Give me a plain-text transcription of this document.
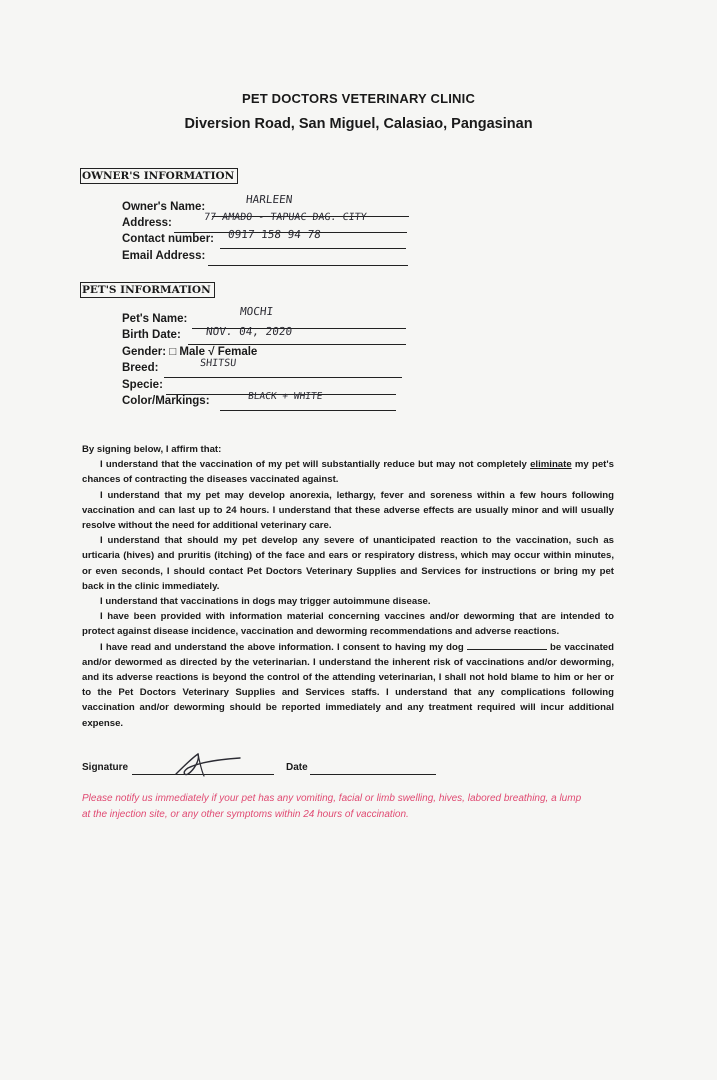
PET DOCTORS VETERINARY CLINIC
Diversion Road, San Miguel, Calasiao, Pangasinan
OWNER'S INFORMATION
Owner's Name:
HARLEEN
Address:	77 AMADO - TAPUAC DAG. CITY
Contact number: 0917 158 94 78
Email Address:
PET'S INFORMATION
Pet's Name:
MOCHI
Birth Date: NOV. 04, 2020
Gender: □ Male √ Female
Breed:	SHITSU
Specie:
Color/Markings:	BLACK + WHITE

By signing below, I affirm that:

I understand that the vaccination of my pet will substantially reduce but may not completely eliminate my pet's chances of contracting the diseases vaccinated against.

I understand that my pet may develop anorexia, lethargy, fever and soreness within a few hours following vaccination and can last up to 24 hours. I understand that these adverse effects are usually minor and will usually resolve without the need for additional veterinary care.

I understand that should my pet develop any severe of unanticipated reaction to the vaccination, such as urticaria (hives) and pruritis (itching) of the face and ears or respiratory distress, which may occur within minutes, or even seconds, I should contact Pet Doctors Veterinary Supplies and Services for instructions or bring my pet back in the clinic immediately.

I understand that vaccinations in dogs may trigger autoimmune disease.

I have been provided with information material concerning vaccines and/or deworming that are intended to protect against disease incidence, vaccination and deworming recommendations and adverse reactions.

I have read and understand the above information. I consent to having my dog	be vaccinated and/or dewormed as directed by the veterinarian. I understand the inherent risk of vaccinations and/or deworming, and its adverse reactions is beyond the control of the attending veterinarian, I shall not hold blame to him or her or to the Pet Doctors Veterinary Supplies and Services staffs. I understand that any complications following vaccination and/or deworming should be reported immediately and any treatment required will incur additional expense.

Signature	Date
Please notify us immediately if your pet has any vomiting, facial or limb swelling, hives, labored breathing, a lump at the injection site, or any other symptoms within 24 hours of vaccination.
